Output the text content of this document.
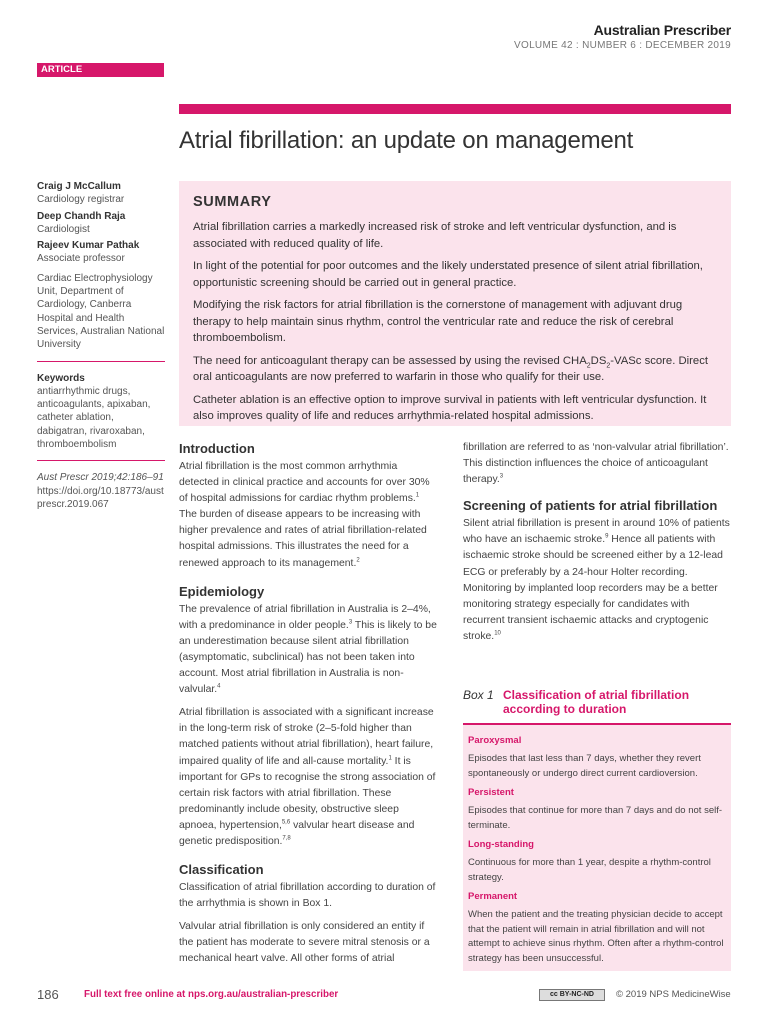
Australian Prescriber
VOLUME 42 : NUMBER 6 : DECEMBER 2019
ARTICLE
Atrial fibrillation: an update on management
Craig J McCallum
Cardiology registrar
Deep Chandh Raja
Cardiologist
Rajeev Kumar Pathak
Associate professor
Cardiac Electrophysiology Unit, Department of Cardiology, Canberra Hospital and Health Services, Australian National University
Keywords
antiarrhythmic drugs, anticoagulants, apixaban, catheter ablation, dabigatran, rivaroxaban, thromboembolism
Aust Prescr 2019;42:186–91
https://doi.org/10.18773/austprescr.2019.067
SUMMARY

Atrial fibrillation carries a markedly increased risk of stroke and left ventricular dysfunction, and is associated with reduced quality of life.

In light of the potential for poor outcomes and the likely understated presence of silent atrial fibrillation, opportunistic screening should be carried out in general practice.

Modifying the risk factors for atrial fibrillation is the cornerstone of management with adjuvant drug therapy to help maintain sinus rhythm, control the ventricular rate and reduce the risk of cerebral thromboembolism.

The need for anticoagulant therapy can be assessed by using the revised $CHA_2DS_2$-VASc score. Direct oral anticoagulants are now preferred to warfarin in those who qualify for their use.

Catheter ablation is an effective option to improve survival in patients with left ventricular dysfunction. It also improves quality of life and reduces arrhythmia-related hospital admissions.

Introduction

Atrial fibrillation is the most common arrhythmia detected in clinical practice and accounts for over 30% of hospital admissions for cardiac rhythm problems.$^1$ The burden of disease appears to be increasing with higher prevalence and rates of atrial fibrillation-related hospital admissions. This illustrates the need for a renewed approach to its management.$^2$

Epidemiology

The prevalence of atrial fibrillation in Australia is 2–4%, with a predominance in older people.$^3$ This is likely to be an underestimation because silent atrial fibrillation (asymptomatic, subclinical) has not been taken into account. Most atrial fibrillation in Australia is non-valvular.$^4$

Atrial fibrillation is associated with a significant increase in the long-term risk of stroke (2–5-fold higher than matched patients without atrial fibrillation), heart failure, impaired quality of life and all-cause mortality.$^1$ It is important for GPs to recognise the strong association of certain risk factors with atrial fibrillation. These predominantly include obesity, obstructive sleep apnoea, hypertension,$^{5,6}$ valvular heart disease and genetic predisposition.$^{7,8}$

Classification

Classification of atrial fibrillation according to duration of the arrhythmia is shown in Box 1.

Valvular atrial fibrillation is only considered an entity if the patient has moderate to severe mitral stenosis or a mechanical heart valve. All other forms of atrial

fibrillation are referred to as ‘non-valvular atrial fibrillation’. This distinction influences the choice of anticoagulant therapy.$^3$

Screening of patients for atrial fibrillation

Silent atrial fibrillation is present in around 10% of patients who have an ischaemic stroke.$^9$ Hence all patients with ischaemic stroke should be screened either by a 12-lead ECG or preferably by a 24-hour Holter recording. Monitoring by implanted loop recorders may be a better monitoring strategy especially for candidates with recurrent transient ischaemic attacks and cryptogenic stroke.$^{10}$

Box 1 Classification of atrial fibrillation according to duration
Paroxysmal
Episodes that last less than 7 days, whether they revert spontaneously or undergo direct current cardioversion.
Persistent
Episodes that continue for more than 7 days and do not self-terminate.
Long-standing
Continuous for more than 1 year, despite a rhythm-control strategy.
Permanent
When the patient and the treating physician decide to accept that the patient will remain in atrial fibrillation and will not attempt to achieve sinus rhythm. Often after a rhythm-control strategy has been unsuccessful.
186	Full text free online at nps.org.au/australian-prescriber	cc BY-NC-ND	© 2019 NPS MedicineWise
